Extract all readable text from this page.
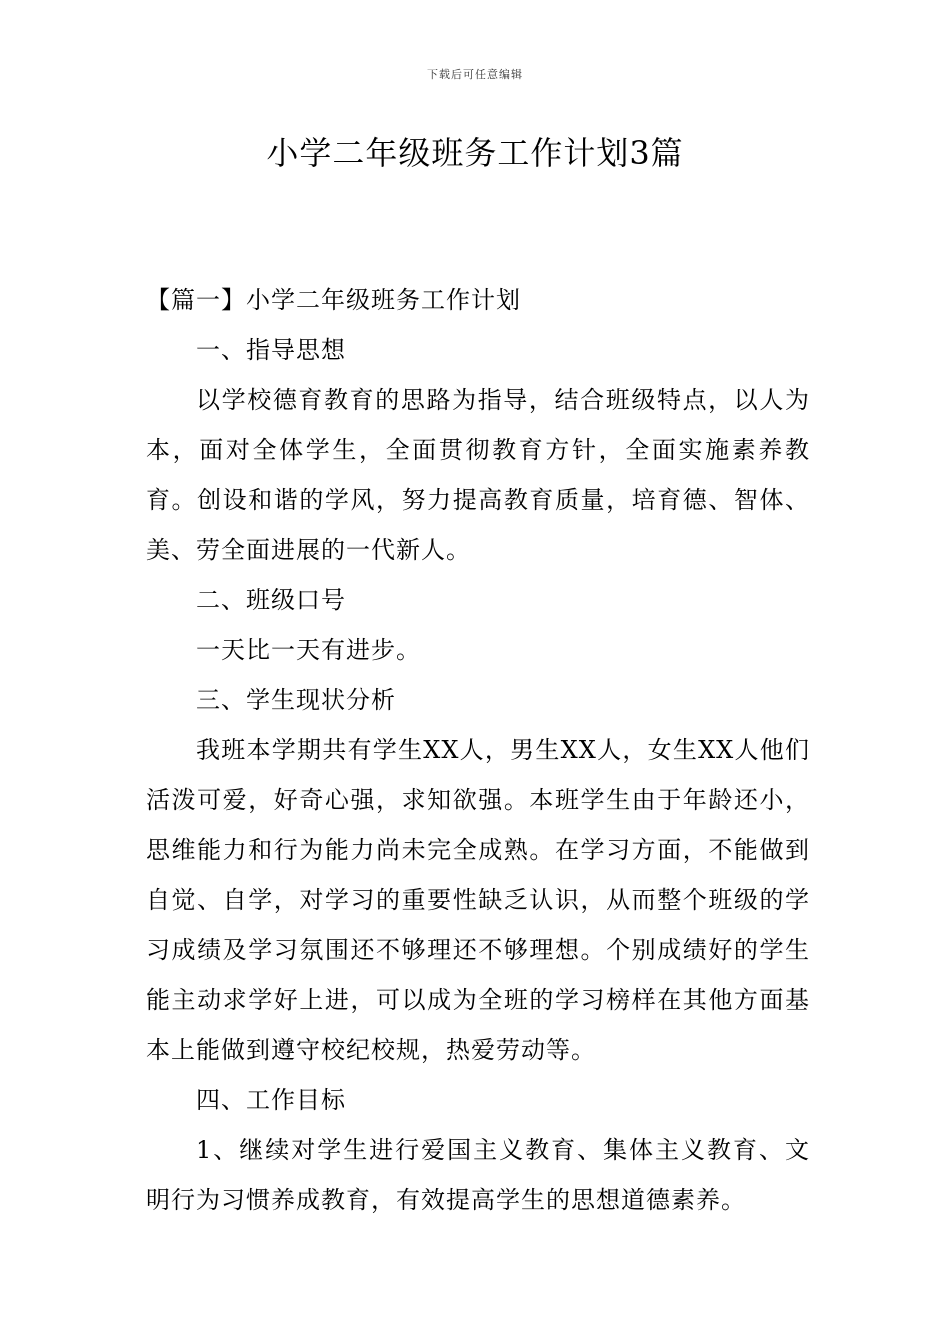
下载后可任意编辑
小学二年级班务工作计划3篇

【篇一】小学二年级班务工作计划

一、指导思想

以学校德育教育的思路为指导，结合班级特点，以人为本，面对全体学生，全面贯彻教育方针，全面实施素养教育。创设和谐的学风，努力提高教育质量，培育德、智体、美、劳全面进展的一代新人。

二、班级口号

一天比一天有进步。

三、学生现状分析

我班本学期共有学生XX人，男生XX人，女生XX人他们活泼可爱，好奇心强，求知欲强。本班学生由于年龄还小，思维能力和行为能力尚未完全成熟。在学习方面，不能做到自觉、自学，对学习的重要性缺乏认识，从而整个班级的学习成绩及学习氛围还不够理还不够理想。个别成绩好的学生能主动求学好上进，可以成为全班的学习榜样在其他方面基本上能做到遵守校纪校规，热爱劳动等。

四、工作目标

1、继续对学生进行爱国主义教育、集体主义教育、文明行为习惯养成教育，有效提高学生的思想道德素养。
